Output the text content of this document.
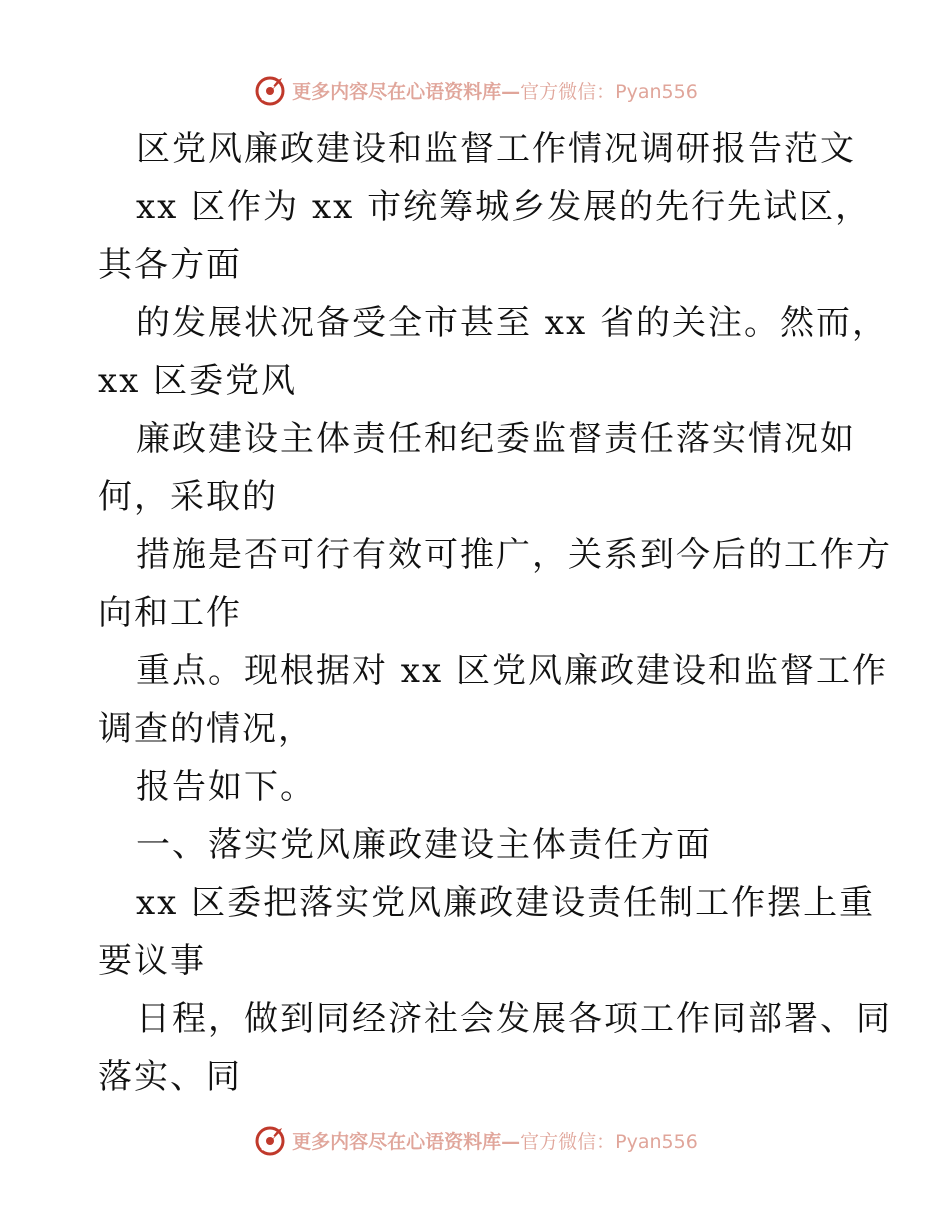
更多内容尽在心语资料库— 官方微信：Pyan556
区党风廉政建设和监督工作情况调研报告范文
xx 区作为 xx 市统筹城乡发展的先行先试区，
其各方面
的发展状况备受全市甚至 xx 省的关注。然而，
xx 区委党风
廉政建设主体责任和纪委监督责任落实情况如
何，采取的
措施是否可行有效可推广，关系到今后的工作方
向和工作
重点。现根据对 xx 区党风廉政建设和监督工作
调查的情况，
报告如下。
一、落实党风廉政建设主体责任方面
xx 区委把落实党风廉政建设责任制工作摆上重
要议事
日程，做到同经济社会发展各项工作同部署、同
落实、同
更多内容尽在心语资料库— 官方微信：Pyan556
